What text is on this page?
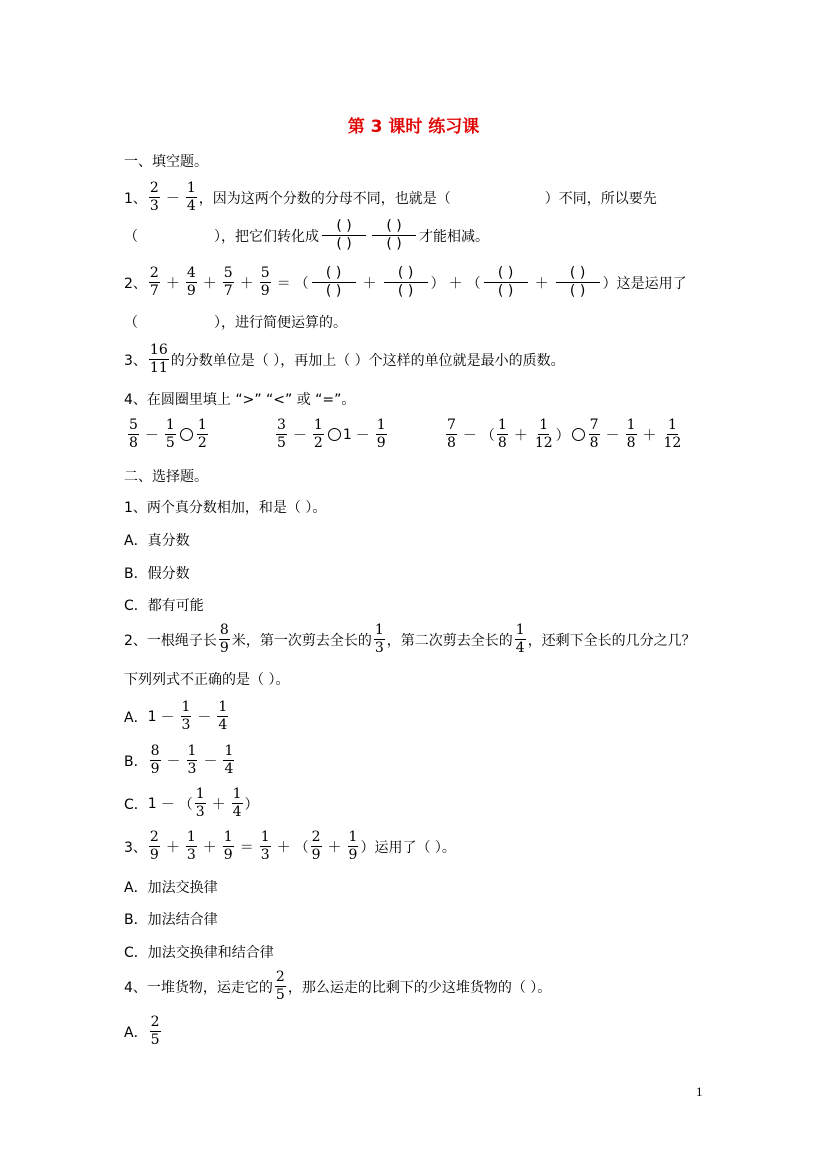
第 3 课时 练习课
一、填空题。
1、
2
3 －
1
4 ，因为这两个分数的分母不同，也就是（	）不同，所以要先
（	），把它们转化成
( )
( )
( )
( )	才能相减。
2、
2
7 ＋
4
9 ＋
5
7 ＋
5
9 ＝ （
( )
( )	＋
( )
( )	） ＋ （
( )
( )	＋
( )
( )	） 这是运用了
（	），进行简便运算的。
3、
16
11 的分数单位是（ ），再加上（ ）个这样的单位就是最小的质数。
4、在圆圈里填上 “>” “<” 或 “=”。
5
8 －
1
5
1
2
3
5 －
1
2
1 －
1
9
7
8 － （
1
8 ＋
1
12 ）
7
8 －
1
8 ＋
1
12
二、选择题。
1、两个真分数相加，和是（ ）。
A．真分数
B．假分数
C．都有可能
2、一根绳子长
8
9 米，第一次剪去全长的
1
3 ，第二次剪去全长的
1
4 ，还剩下全长的几分之几？
下列列式不正确的是（ ）。
A． 1 －
1
3 －
1
4
B．
8
9 －
1
3 －
1
4
C． 1 － （
1
3 ＋
1
4 ）
3、
2
9 ＋
1
3 ＋
1
9 ＝
1
3 ＋ （
2
9 ＋
1
9 ） 运用了（ ）。
A．加法交换律
B．加法结合律
C．加法交换律和结合律
4、一堆货物，运走它的
2
5 ，那么运走的比剩下的少这堆货物的（ ）。
A．
2
5
1
